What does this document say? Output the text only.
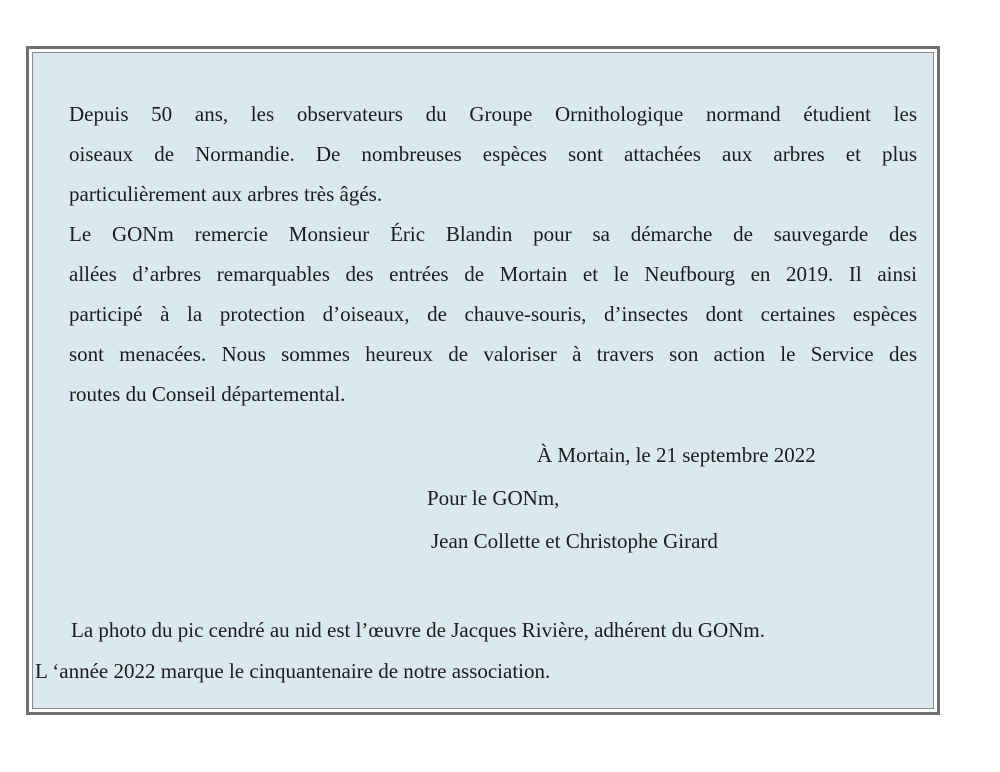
Depuis 50 ans, les observateurs du Groupe Ornithologique normand étudient les
oiseaux de Normandie. De nombreuses espèces sont attachées aux arbres et plus
particulièrement aux arbres très âgés.
Le GONm remercie Monsieur Éric Blandin pour sa démarche de sauvegarde des
allées d’arbres remarquables des entrées de Mortain et le Neufbourg en 2019. Il ainsi
participé à la protection d’oiseaux, de chauve-souris, d’insectes dont certaines espèces
sont menacées. Nous sommes heureux de valoriser à travers son action le Service des
routes du Conseil départemental.

À Mortain, le 21 septembre 2022

Pour le GONm,

Jean Collette et Christophe Girard

La photo du pic cendré au nid est l’œuvre de Jacques Rivière, adhérent du GONm.

L ‘année 2022 marque le cinquantenaire de notre association.
